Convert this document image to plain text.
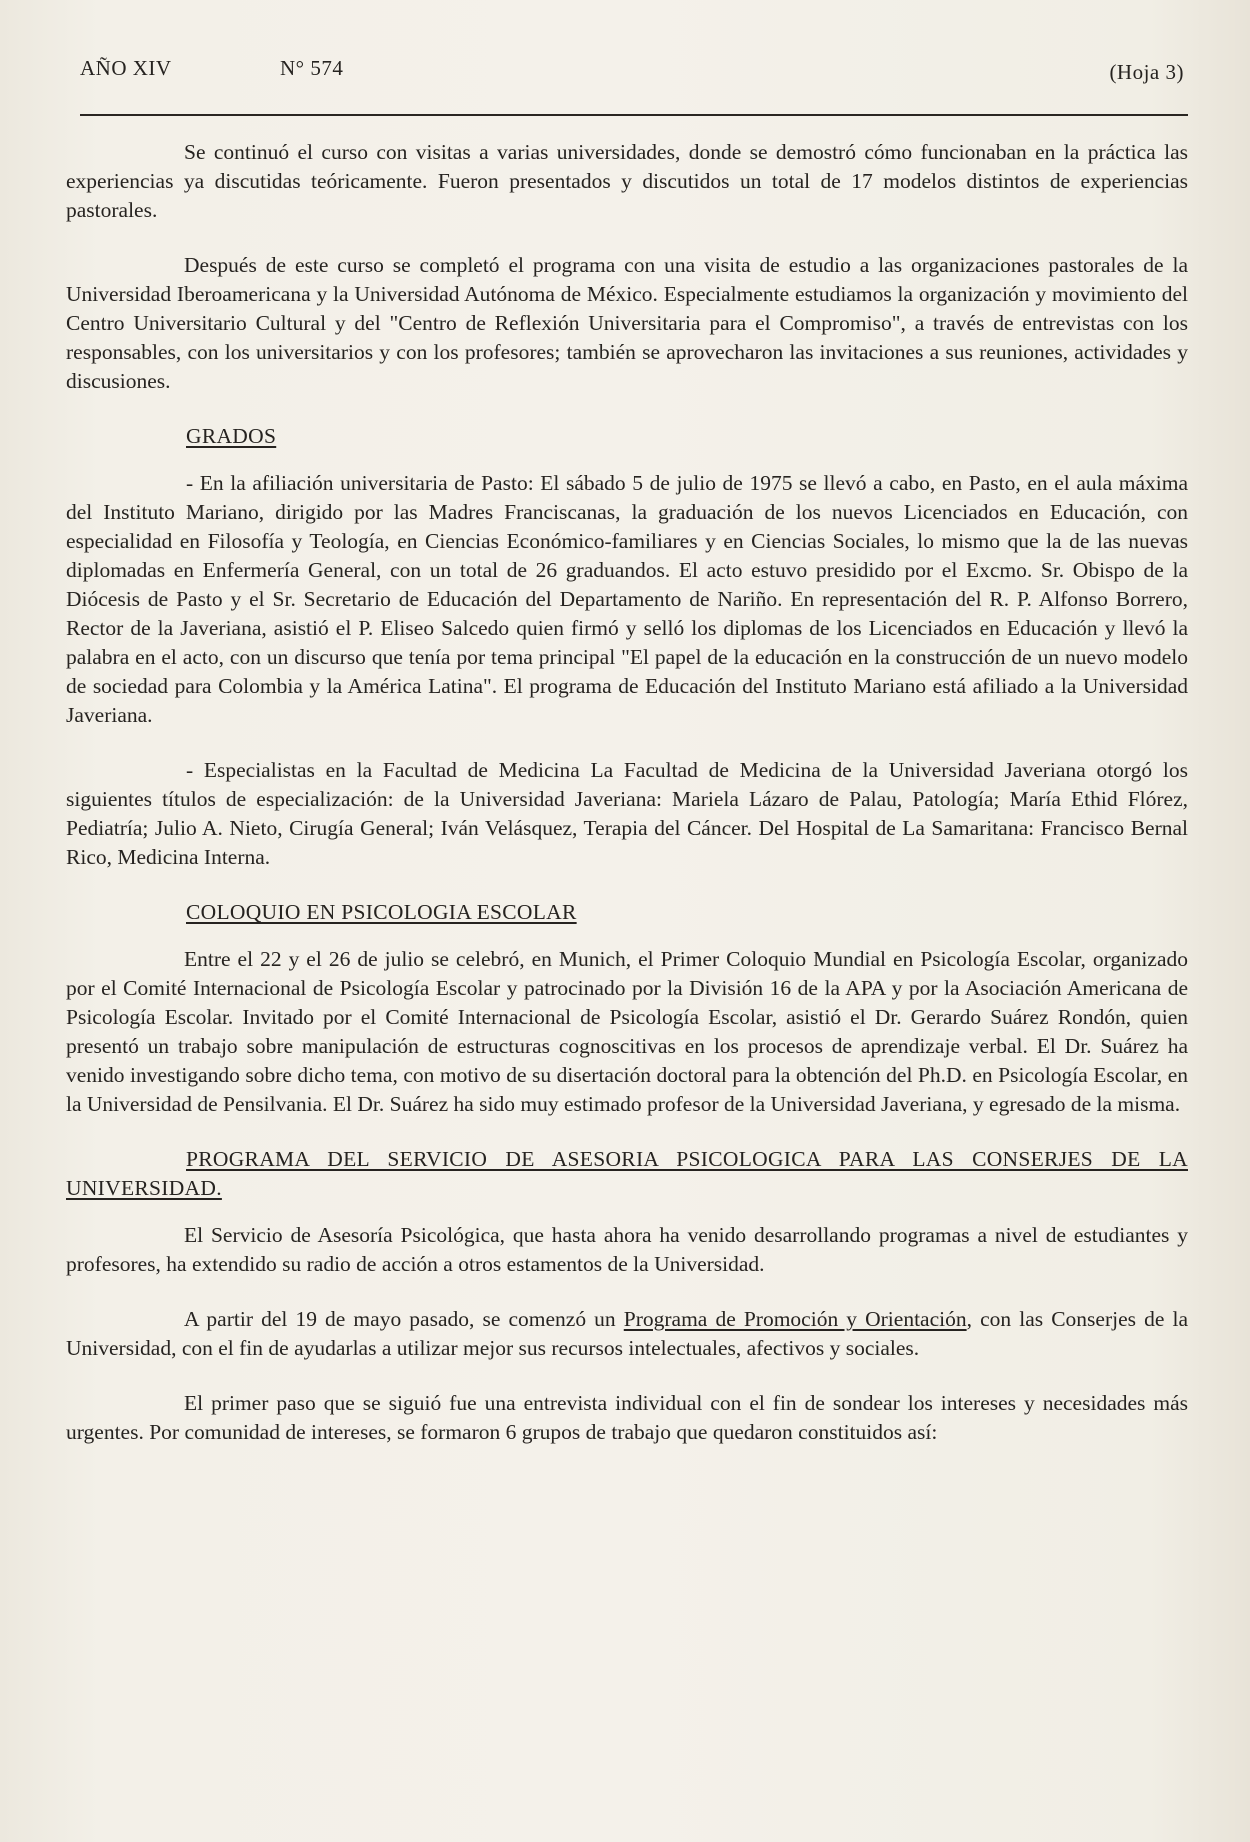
AÑO XIV	N° 574	(Hoja 3)

Se continuó el curso con visitas a varias universidades, donde se demostró cómo funcionaban en la práctica las experiencias ya discutidas teóricamente. Fueron presentados y discutidos un total de 17 modelos distintos de experiencias pastorales.

Después de este curso se completó el programa con una visita de estudio a las organizaciones pastorales de la Universidad Iberoamericana y la Universidad Autónoma de México. Especialmente estudiamos la organización y movimiento del Centro Universitario Cultural y del "Centro de Reflexión Universitaria para el Compromiso", a través de entrevistas con los responsables, con los universitarios y con los profesores; también se aprovecharon las invitaciones a sus reuniones, actividades y discusiones.

GRADOS

- En la afiliación universitaria de Pasto: El sábado 5 de julio de 1975 se llevó a cabo, en Pasto, en el aula máxima del Instituto Mariano, dirigido por las Madres Franciscanas, la graduación de los nuevos Licenciados en Educación, con especialidad en Filosofía y Teología, en Ciencias Económico-familiares y en Ciencias Sociales, lo mismo que la de las nuevas diplomadas en Enfermería General, con un total de 26 graduandos. El acto estuvo presidido por el Excmo. Sr. Obispo de la Diócesis de Pasto y el Sr. Secretario de Educación del Departamento de Nariño. En representación del R. P. Alfonso Borrero, Rector de la Javeriana, asistió el P. Eliseo Salcedo quien firmó y selló los diplomas de los Licenciados en Educación y llevó la palabra en el acto, con un discurso que tenía por tema principal "El papel de la educación en la construcción de un nuevo modelo de sociedad para Colombia y la América Latina". El programa de Educación del Instituto Mariano está afiliado a la Universidad Javeriana.

- Especialistas en la Facultad de Medicina La Facultad de Medicina de la Universidad Javeriana otorgó los siguientes títulos de especialización: de la Universidad Javeriana: Mariela Lázaro de Palau, Patología; María Ethid Flórez, Pediatría; Julio A. Nieto, Cirugía General; Iván Velásquez, Terapia del Cáncer. Del Hospital de La Samaritana: Francisco Bernal Rico, Medicina Interna.

COLOQUIO EN PSICOLOGIA ESCOLAR

Entre el 22 y el 26 de julio se celebró, en Munich, el Primer Coloquio Mundial en Psicología Escolar, organizado por el Comité Internacional de Psicología Escolar y patrocinado por la División 16 de la APA y por la Asociación Americana de Psicología Escolar. Invitado por el Comité Internacional de Psicología Escolar, asistió el Dr. Gerardo Suárez Rondón, quien presentó un trabajo sobre manipulación de estructuras cognoscitivas en los procesos de aprendizaje verbal. El Dr. Suárez ha venido investigando sobre dicho tema, con motivo de su disertación doctoral para la obtención del Ph.D. en Psicología Escolar, en la Universidad de Pensilvania. El Dr. Suárez ha sido muy estimado profesor de la Universidad Javeriana, y egresado de la misma.

PROGRAMA DEL SERVICIO DE ASESORIA PSICOLOGICA PARA LAS CONSERJES DE LA UNIVERSIDAD.

El Servicio de Asesoría Psicológica, que hasta ahora ha venido desarrollando programas a nivel de estudiantes y profesores, ha extendido su radio de acción a otros estamentos de la Universidad.

A partir del 19 de mayo pasado, se comenzó un Programa de Promoción y Orientación, con las Conserjes de la Universidad, con el fin de ayudarlas a utilizar mejor sus recursos intelectuales, afectivos y sociales.

El primer paso que se siguió fue una entrevista individual con el fin de sondear los intereses y necesidades más urgentes. Por comunidad de intereses, se formaron 6 grupos de trabajo que quedaron constituidos así:
